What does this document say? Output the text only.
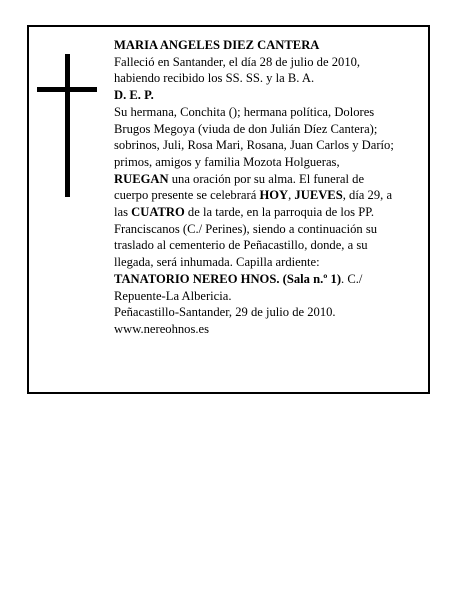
MARIA ANGELES DIEZ CANTERA

Falleció en Santander, el día 28 de julio de 2010,

habiendo recibido los SS. SS. y la B. A.

D. E. P.

Su hermana, Conchita (); hermana política, Dolores

Brugos Megoya (viuda de don Julián Díez Cantera);

sobrinos, Juli, Rosa Mari, Rosana, Juan Carlos y Darío;

primos, amigos y familia Mozota Holgueras,

RUEGAN una oración por su alma. El funeral de

cuerpo presente se celebrará HOY, JUEVES, día 29, a

las CUATRO de la tarde, en la parroquia de los PP.

Franciscanos (C./ Perines), siendo a continuación su

traslado al cementerio de Peñacastillo, donde, a su

llegada, será inhumada. Capilla ardiente:

TANATORIO NEREO HNOS. (Sala n.º 1). C./

Repuente-La Albericia.

Peñacastillo-Santander, 29 de julio de 2010.

www.nereohnos.es
